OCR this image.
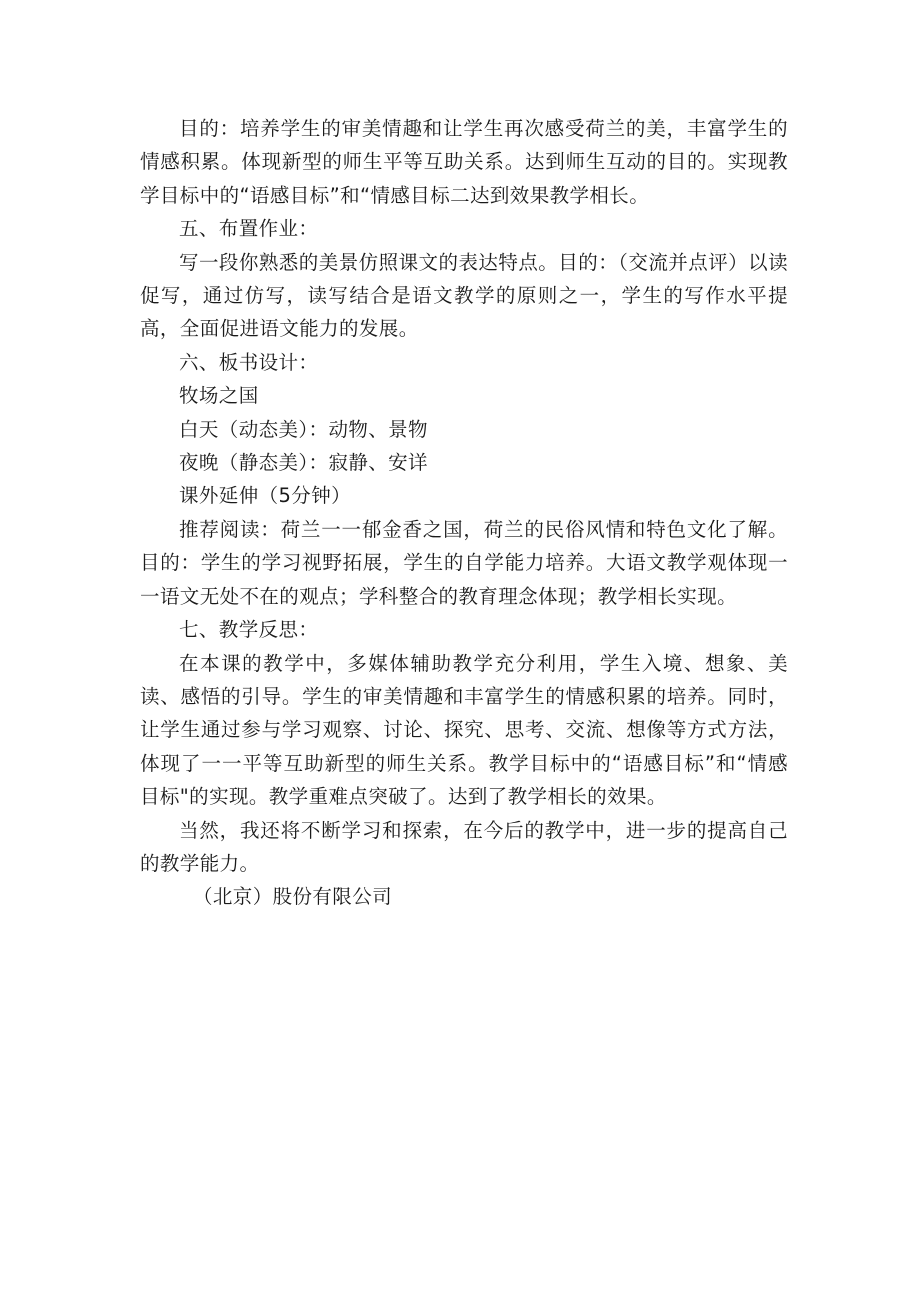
目的：培养学生的审美情趣和让学生再次感受荷兰的美，丰富学生的情感积累。体现新型的师生平等互助关系。达到师生互动的目的。实现教学目标中的“语感目标”和“情感目标二达到效果教学相长。

五、布置作业：

写一段你熟悉的美景仿照课文的表达特点。目的：（交流并点评）以读促写，通过仿写，读写结合是语文教学的原则之一，学生的写作水平提高，全面促进语文能力的发展。

六、板书设计：

牧场之国

白天（动态美）：动物、景物

夜晚（静态美）：寂静、安详

课外延伸（5分钟）

推荐阅读：荷兰一一郁金香之国，荷兰的民俗风情和特色文化了解。目的：学生的学习视野拓展，学生的自学能力培养。大语文教学观体现一一语文无处不在的观点；学科整合的教育理念体现；教学相长实现。

七、教学反思：

在本课的教学中，多媒体辅助教学充分利用，学生入境、想象、美读、感悟的引导。学生的审美情趣和丰富学生的情感积累的培养。同时，让学生通过参与学习观察、讨论、探究、思考、交流、想像等方式方法，体现了一一平等互助新型的师生关系。教学目标中的“语感目标”和“情感目标"的实现。教学重难点突破了。达到了教学相长的效果。

当然，我还将不断学习和探索，在今后的教学中，进一步的提高自己的教学能力。

（北京）股份有限公司
